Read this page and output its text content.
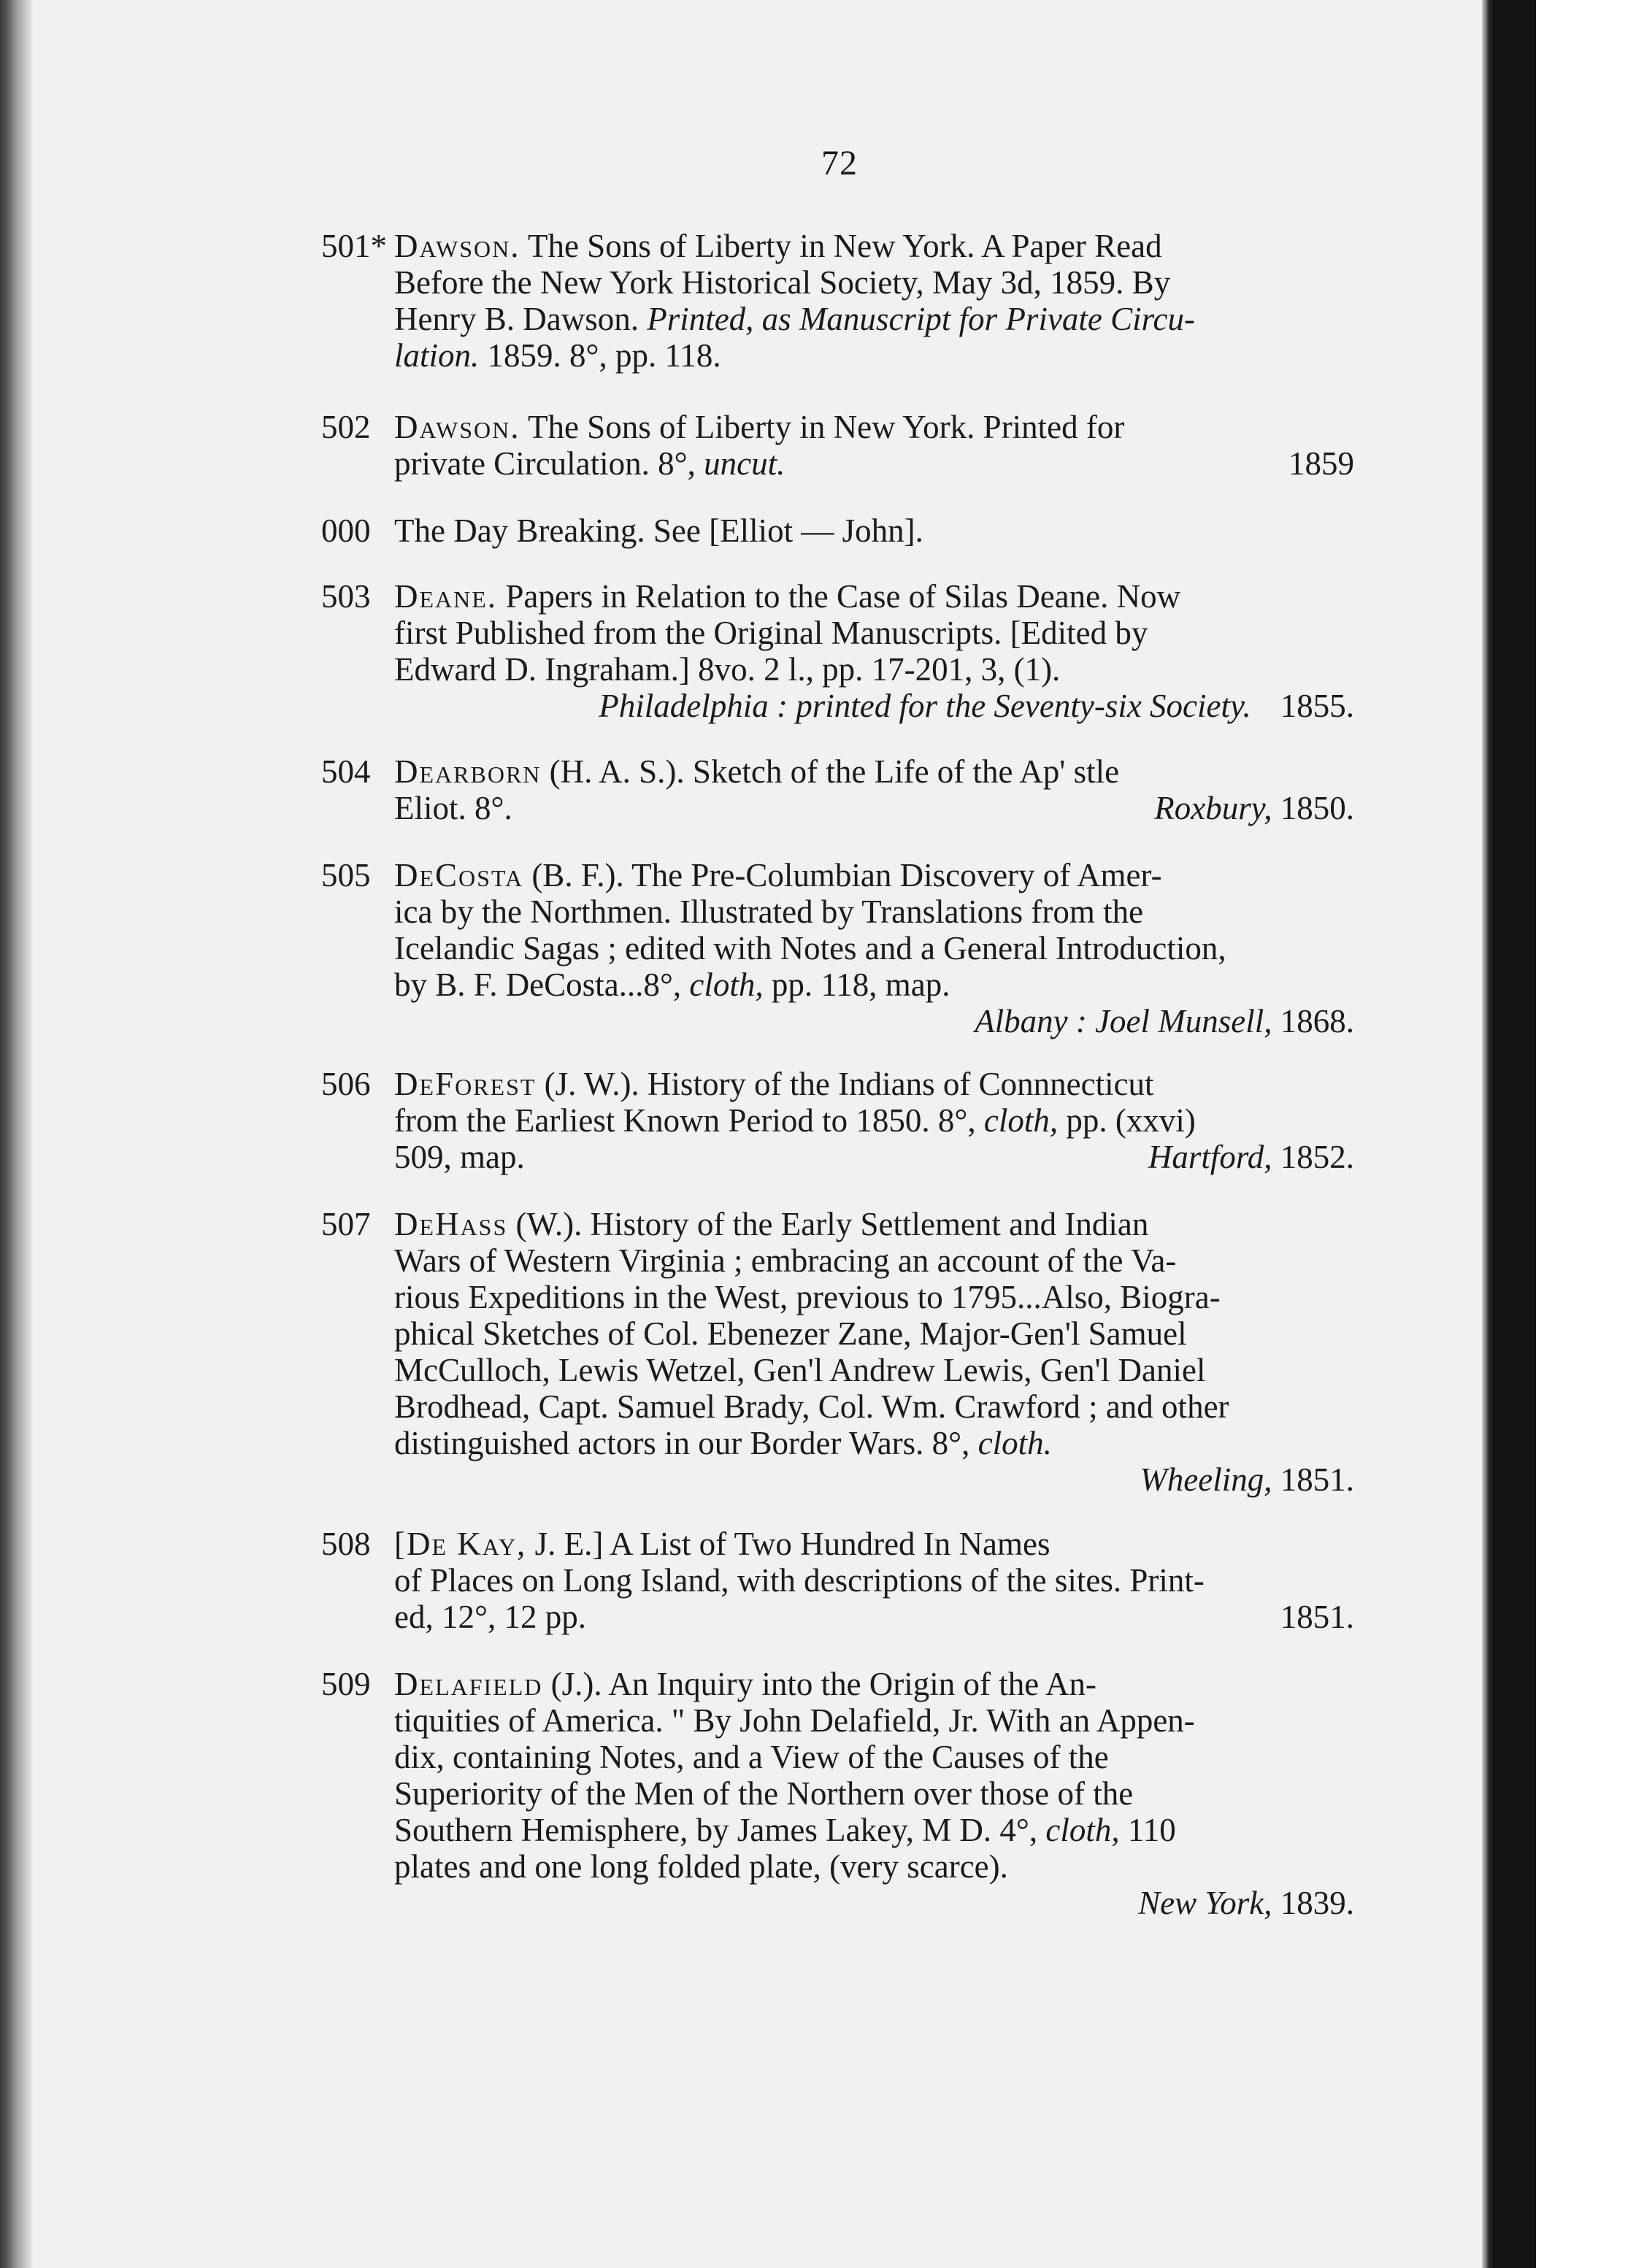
72
501* Dawson. The Sons of Liberty in New York. A Paper Read
Before the New York Historical Society, May 3d, 1859. By
Henry B. Dawson. Printed, as Manuscript for Private Circu-
lation. 1859. 8°, pp. 118.
502 Dawson. The Sons of Liberty in New York. Printed for
private Circulation. 8°, uncut.	1859
000 The Day Breaking. See [Elliot — John].
503 Deane. Papers in Relation to the Case of Silas Deane. Now
first Published from the Original Manuscripts. [Edited by
Edward D. Ingraham.] 8vo. 2 l., pp. 17-201, 3, (1).
Philadelphia : printed for the Seventy-six Society. 1855.
504 Dearborn (H. A. S.). Sketch of the Life of the Ap' stle
Eliot. 8°.	Roxbury, 1850.
505 DeCosta (B. F.). The Pre-Columbian Discovery of Amer-
ica by the Northmen. Illustrated by Translations from the
Icelandic Sagas ; edited with Notes and a General Introduction,
by B. F. DeCosta...8°, cloth, pp. 118, map.
Albany : Joel Munsell, 1868.
506 DeForest (J. W.). History of the Indians of Connnecticut
from the Earliest Known Period to 1850. 8°, cloth, pp. (xxvi)
509, map.	Hartford, 1852.
507 DeHass (W.). History of the Early Settlement and Indian
Wars of Western Virginia ; embracing an account of the Va-
rious Expeditions in the West, previous to 1795...Also, Biogra-
phical Sketches of Col. Ebenezer Zane, Major-Gen'l Samuel
McCulloch, Lewis Wetzel, Gen'l Andrew Lewis, Gen'l Daniel
Brodhead, Capt. Samuel Brady, Col. Wm. Crawford ; and other
distinguished actors in our Border Wars. 8°, cloth.
Wheeling, 1851.
508 [De Kay, J. E.] A List of Two Hundred In Names
of Places on Long Island, with descriptions of the sites. Print-
ed, 12°, 12 pp.	1851.
509 Delafield (J.). An Inquiry into the Origin of the An-
tiquities of America. " By John Delafield, Jr. With an Appen-
dix, containing Notes, and a View of the Causes of the
Superiority of the Men of the Northern over those of the
Southern Hemisphere, by James Lakey, M D. 4°, cloth, 110
plates and one long folded plate, (very scarce).
New York, 1839.
